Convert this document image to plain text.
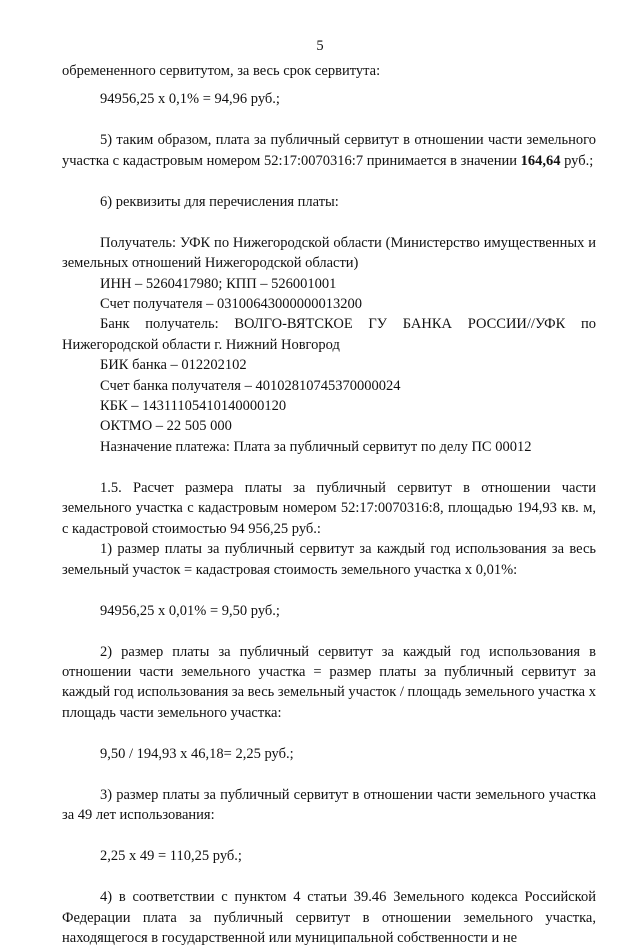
5

обремененного сервитутом, за весь срок сервитута:

94956,25 х 0,1% = 94,96 руб.;

5) таким образом, плата за публичный сервитут в отношении части земельного участка с кадастровым номером 52:17:0070316:7 принимается в значении 164,64 руб.;

6) реквизиты для перечисления платы:

Получатель: УФК по Нижегородской области (Министерство имущественных и земельных отношений Нижегородской области)

ИНН – 5260417980; КПП – 526001001

Счет получателя – 03100643000000013200

Банк получатель: ВОЛГО-ВЯТСКОЕ ГУ БАНКА РОССИИ//УФК по Нижегородской области г. Нижний Новгород

БИК банка – 012202102

Счет банка получателя – 40102810745370000024

КБК – 14311105410140000120

ОКТМО – 22 505 000

Назначение платежа: Плата за публичный сервитут по делу ПС 00012

1.5. Расчет размера платы за публичный сервитут в отношении части земельного участка с кадастровым номером 52:17:0070316:8, площадью 194,93 кв. м, с кадастровой стоимостью 94 956,25 руб.:

1) размер платы за публичный сервитут за каждый год использования за весь земельный участок = кадастровая стоимость земельного участка х 0,01%:

94956,25 х 0,01% = 9,50 руб.;

2) размер платы за публичный сервитут за каждый год использования в отношении части земельного участка = размер платы за публичный сервитут за каждый год использования за весь земельный участок / площадь земельного участка х площадь части земельного участка:

9,50 / 194,93 х 46,18= 2,25 руб.;

3) размер платы за публичный сервитут в отношении части земельного участка за 49 лет использования:

2,25 х 49 = 110,25 руб.;

4) в соответствии с пунктом 4 статьи 39.46 Земельного кодекса Российской Федерации плата за публичный сервитут в отношении земельного участка, находящегося в государственной или муниципальной собственности и не
